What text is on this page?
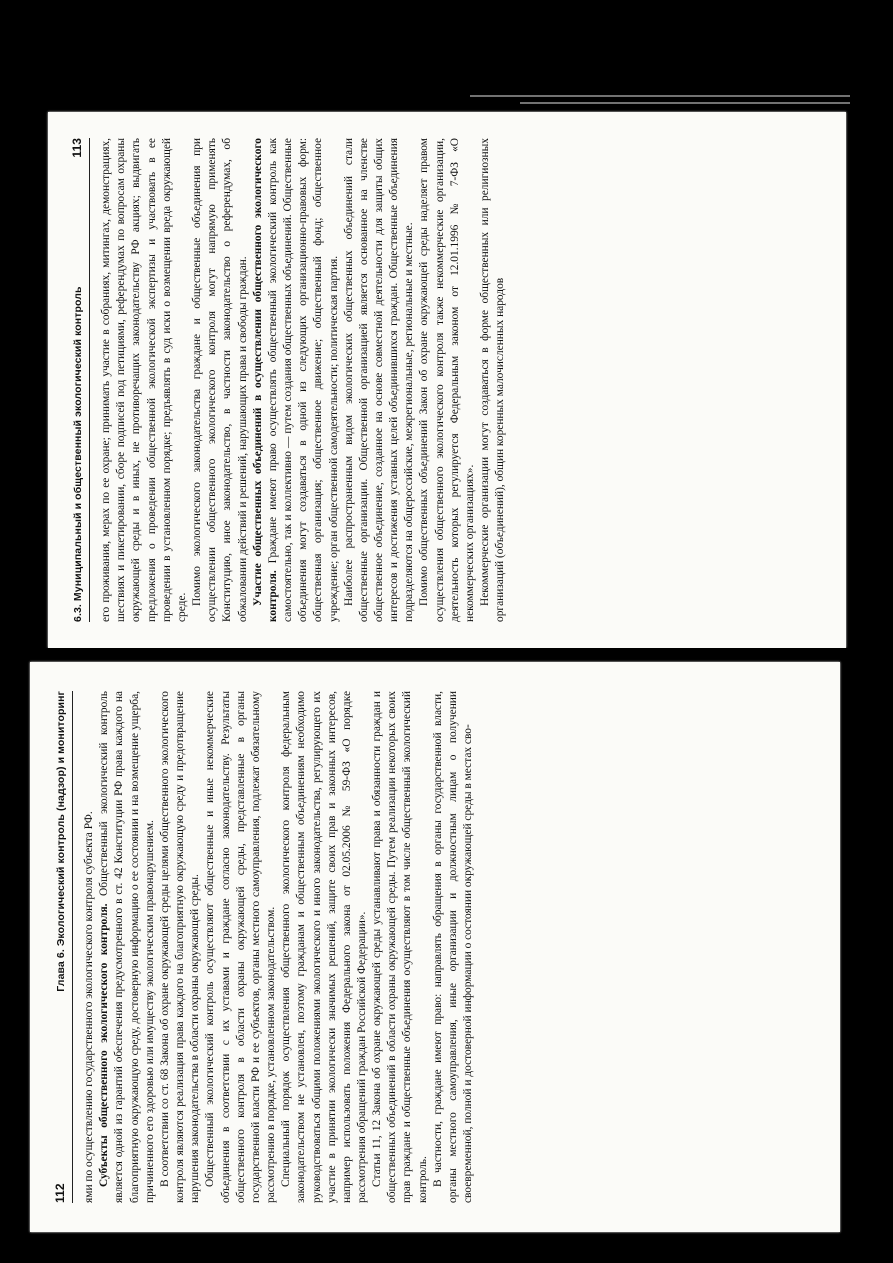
6.3. Муниципальный и общественный экологический контроль
113 его проживания, мерах по ее охране; принимать участие в собраниях, митингах, демонстрациях, шествиях и пикетировании, сборе подписей под петициями, референдумах по вопросам охраны окружающей среды и в иных, не противоречащих законодательству РФ акциях; выдвигать предложения о проведении общественной экологической экспертизы и участвовать в ее проведении в установленном порядке; предъявлять в суд иски о возмещении вреда окружающей среде.

Помимо экологического законодательства граждане и общественные объединения при осуществлении общественного экологического контроля могут напрямую применять Конституцию, иное законодательство, в частности законодательство о референдумах, об обжаловании действий и решений, нарушающих права и свободы граждан. Участие общественных объединений в осуществлении общественного экологического контроля. Граждане имеют право осуществлять общественный экологический контроль как самостоятельно, так и коллективно — путем создания общественных объединений. Общественные объединения могут создаваться в одной из следующих организационно-правовых форм: общественная организация; общественное движение; общественный фонд; общественное учреждение; орган общественной самодеятельности; политическая партия. Наиболее распространенным видом экологических общественных объединений стали общественные организации. Общественной организацией является основанное на членстве общественное объединение, созданное на основе совместной деятельности для защиты общих интересов и достижения уставных целей объединившихся граждан. Общественные объединения подразделяются на общероссийские, межрегиональные, региональные и местные. Помимо общественных объединений Закон об охране окружающей среды наделяет правом осуществления общественного экологического контроля также некоммерческие организации, деятельность которых регулируется Федеральным законом от 12.01.1996 № 7-ФЗ «О некоммерческих организациях». Некоммерческие организации могут создаваться в форме общественных или религиозных организаций (объединений), общин коренных малочисленных народов

112
Глава 6. Экологический контроль (надзор) и мониторинг ями по осуществлению государственного экологического контроля субъекта РФ. Субъекты общественного экологического контроля. Общественный экологический контроль является одной из гарантий обеспечения предусмотренного в ст. 42 Конституции РФ права каждого на благоприятную окружающую среду, достоверную информацию о ее состоянии и на возмещение ущерба, причиненного его здоровью или имуществу экологическим правонарушением. В соответствии со ст. 68 Закона об охране окружающей среды целями общественного экологического контроля являются реализация права каждого на благоприятную окружающую среду и предотвращение нарушения законодательства в области охраны окружающей среды. Общественный экологический контроль осуществляют общественные и иные некоммерческие объединения в соответствии с их уставами и граждане согласно законодательству. Результаты общественного контроля в области охраны окружающей среды, представленные в органы государственной власти РФ и ее субъектов, органы местного самоуправления, подлежат обязательному рассмотрению в порядке, установленном законодательством. Специальный порядок осуществления общественного экологического контроля федеральным законодательством не установлен, поэтому гражданам и общественным объединениям необходимо руководствоваться общими положениями экологического и иного законодательства, регулирующего их участие в принятии экологически значимых решений, защите своих прав и законных интересов, например использовать положения Федерального закона от 02.05.2006 № 59-ФЗ «О порядке рассмотрения обращений граждан Российской Федерации». Статьи 11, 12 Закона об охране окружающей среды устанавливают права и обязанности граждан и общественных объединений в области охраны окружающей среды. Путем реализации некоторых своих прав граждане и общественные объединения осуществляют в том числе общественный экологический контроль. В частности, граждане имеют право: направлять обращения в органы государственной власти, органы местного самоуправления, иные организации и должностным лицам о получении своевременной, полной и достоверной информации о состоянии окружающей среды в местах сво-
